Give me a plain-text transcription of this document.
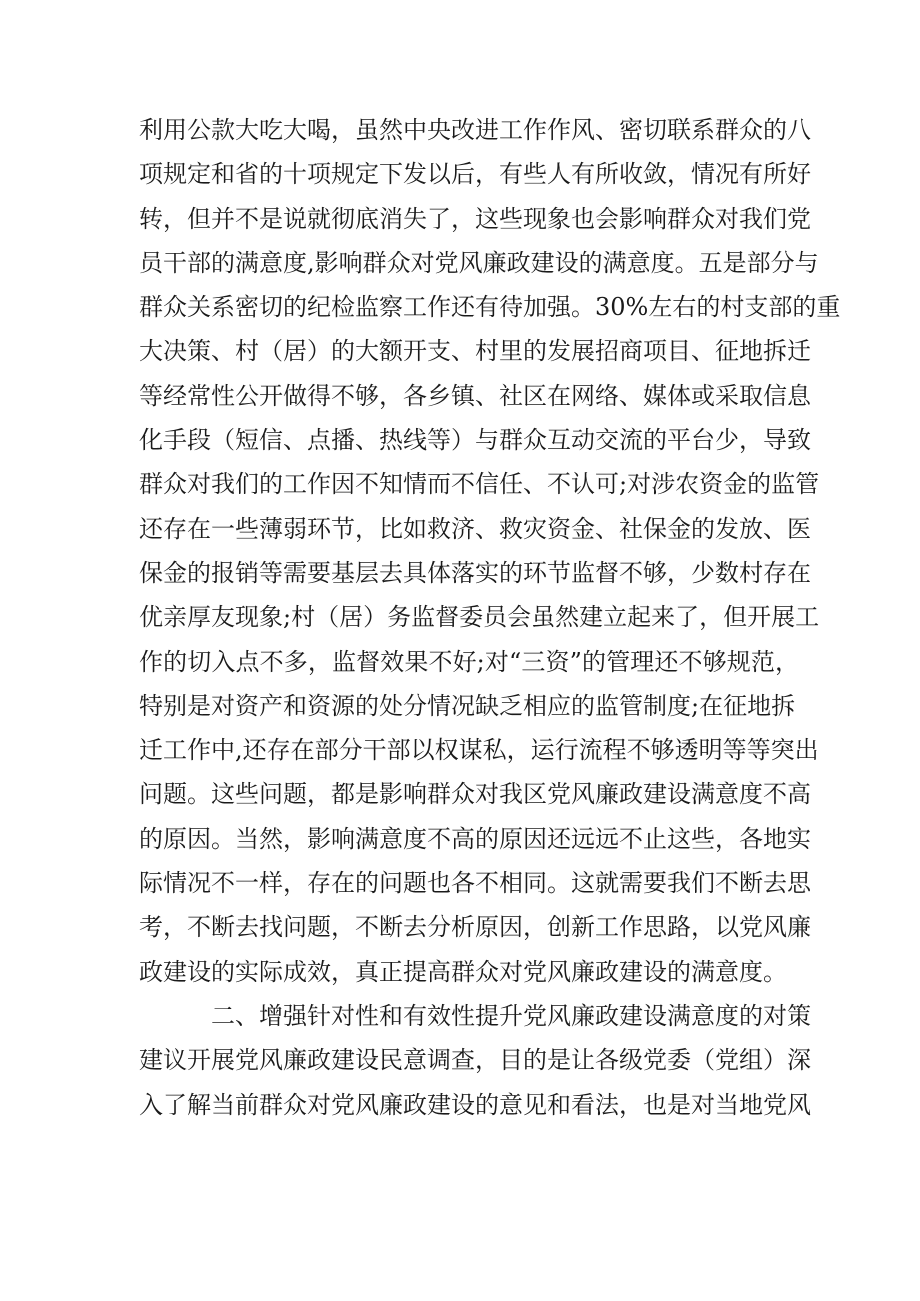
利用公款大吃大喝，虽然中央改进工作作风、密切联系群众的八
项规定和省的十项规定下发以后，有些人有所收敛，情况有所好
转，但并不是说就彻底消失了，这些现象也会影响群众对我们党
员干部的满意度,影响群众对党风廉政建设的满意度。五是部分与
群众关系密切的纪检监察工作还有待加强。30%左右的村支部的重
大决策、村（居）的大额开支、村里的发展招商项目、征地拆迁
等经常性公开做得不够，各乡镇、社区在网络、媒体或采取信息
化手段（短信、点播、热线等）与群众互动交流的平台少，导致
群众对我们的工作因不知情而不信任、不认可;对涉农资金的监管
还存在一些薄弱环节，比如救济、救灾资金、社保金的发放、医
保金的报销等需要基层去具体落实的环节监督不够，少数村存在
优亲厚友现象;村（居）务监督委员会虽然建立起来了，但开展工
作的切入点不多，监督效果不好;对“三资”的管理还不够规范，
特别是对资产和资源的处分情况缺乏相应的监管制度;在征地拆
迁工作中,还存在部分干部以权谋私，运行流程不够透明等等突出
问题。这些问题，都是影响群众对我区党风廉政建设满意度不高
的原因。当然，影响满意度不高的原因还远远不止这些，各地实
际情况不一样，存在的问题也各不相同。这就需要我们不断去思
考，不断去找问题，不断去分析原因，创新工作思路，以党风廉
政建设的实际成效，真正提高群众对党风廉政建设的满意度。
二、增强针对性和有效性提升党风廉政建设满意度的对策
建议开展党风廉政建设民意调查，目的是让各级党委（党组）深
入了解当前群众对党风廉政建设的意见和看法，也是对当地党风
